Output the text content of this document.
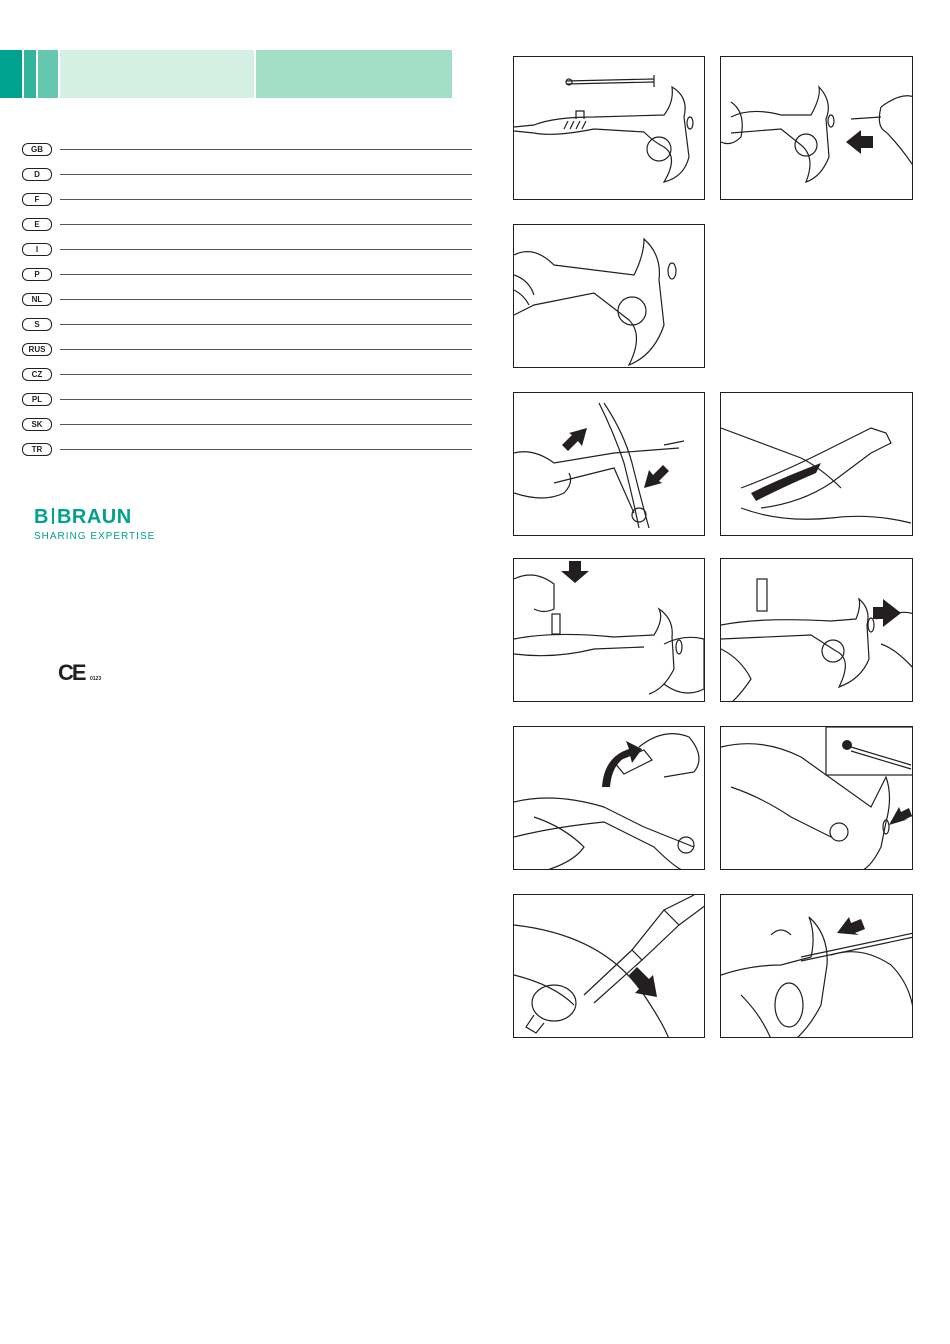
GB
D
F
E
I
P
NL
S
RUS
CZ
PL
SK
TR
B BRAUN
SHARING EXPERTISE
CE 0123
